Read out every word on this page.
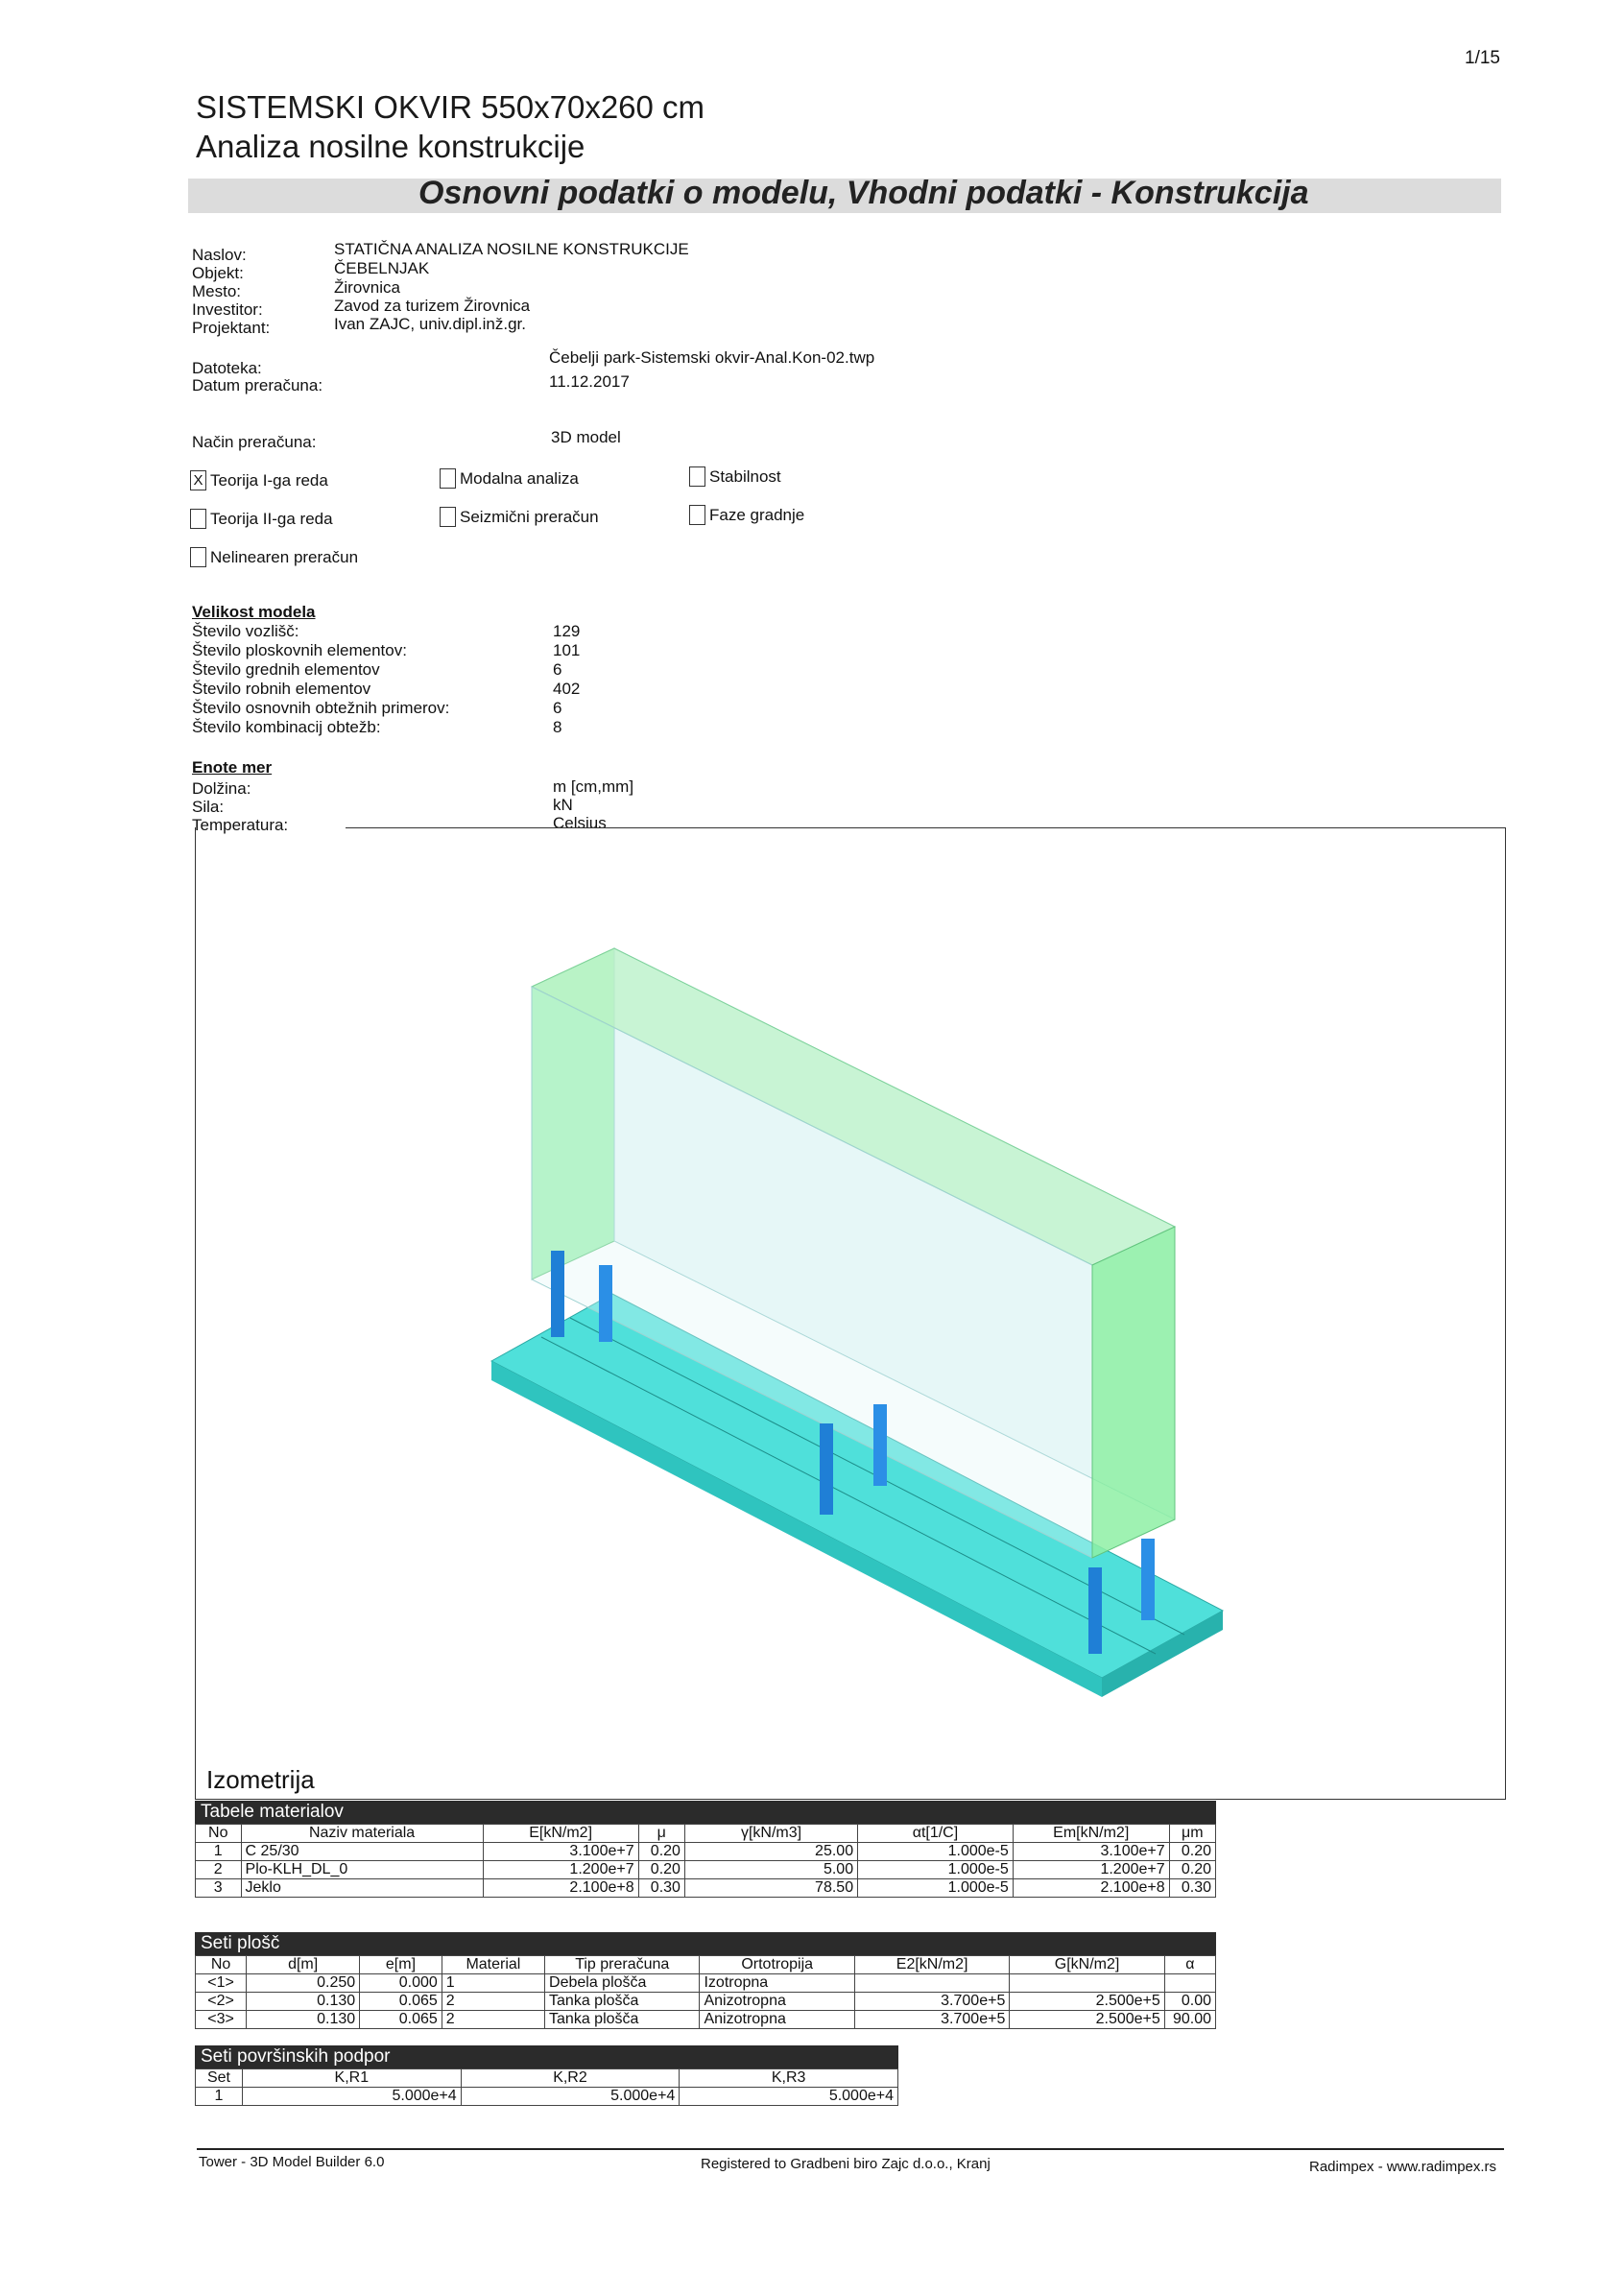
1/15
SISTEMSKI OKVIR 550x70x260 cm
Analiza nosilne konstrukcije
Osnovni podatki o modelu, Vhodni podatki - Konstrukcija
Naslov:	STATIČNA ANALIZA NOSILNE KONSTRUKCIJE
Objekt:	ČEBELNJAK
Mesto:	Žirovnica
Investitor:	Zavod za turizem Žirovnica
Projektant:	Ivan ZAJC, univ.dipl.inž.gr.
Datoteka:
Čebelji park-Sistemski okvir-Anal.Kon-02.twp
Datum preračuna:	11.12.2017
Način preračuna:	3D model
X Teorija I-ga reda
Teorija II-ga reda
Nelinearen preračun
Modalna analiza
Seizmični preračun
Stabilnost
Faze gradnje
Velikost modela
Število vozlišč:	129
Število ploskovnih elementov:	101
Število grednih elementov	6
Število robnih elementov	402
Število osnovnih obtežnih primerov:	6
Število kombinacij obtežb:	8
Enote mer
Dolžina:	m [cm,mm]
Sila:	kN
Temperatura:	Celsius
Izometrija
Tabele materialov
No	Naziv materiala	E[kN/m2]	μ	γ[kN/m3]	αt[1/C]	Em[kN/m2]	μm
1	C 25/30	3.100e+7	0.20	25.00	1.000e-5	3.100e+7	0.20
2	Plo-KLH_DL_0	1.200e+7	0.20	5.00	1.000e-5	1.200e+7	0.20
3	Jeklo	2.100e+8	0.30	78.50	1.000e-5	2.100e+8	0.30
Seti plošč
No	d[m]	e[m]	Material	Tip preračuna	Ortotropija	E2[kN/m2]	G[kN/m2]	α
<1>	0.250	0.000	1	Debela plošča	Izotropna			
<2>	0.130	0.065	2	Tanka plošča	Anizotropna	3.700e+5	2.500e+5	0.00
<3>	0.130	0.065	2	Tanka plošča	Anizotropna	3.700e+5	2.500e+5	90.00
Seti površinskih podpor
Set	K,R1	K,R2	K,R3
1	5.000e+4	5.000e+4	5.000e+4
Tower - 3D Model Builder 6.0	Registered to Gradbeni biro Zajc d.o.o., Kranj	Radimpex - www.radimpex.rs
